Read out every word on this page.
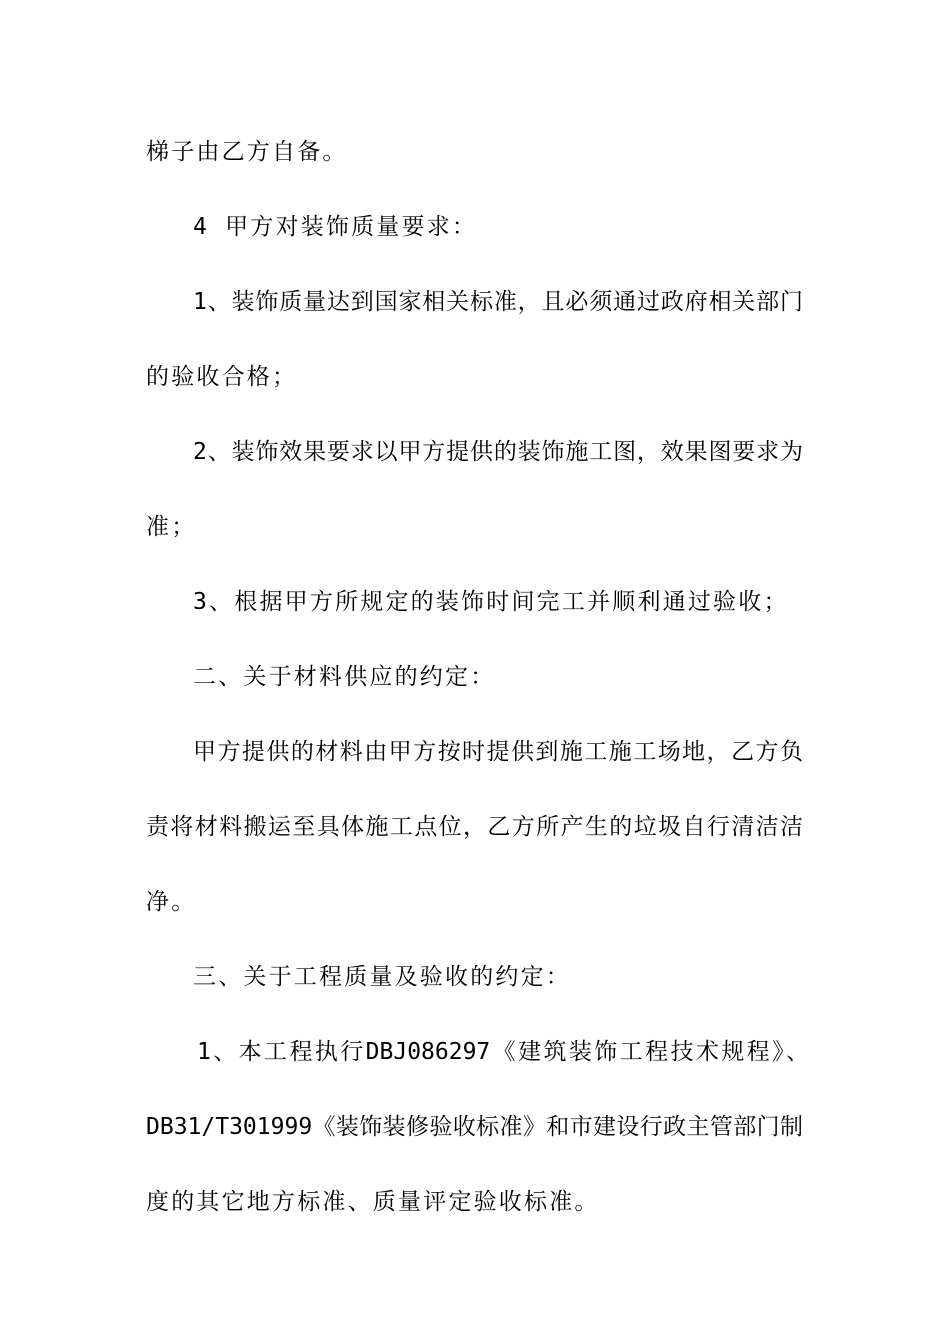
梯子由乙方自备。
4 甲方对装饰质量要求：
1、装饰质量达到国家相关标准，且必须通过政府相关部门
的验收合格；
2、装饰效果要求以甲方提供的装饰施工图，效果图要求为
准；
3、根据甲方所规定的装饰时间完工并顺利通过验收；
二、关于材料供应的约定：
甲方提供的材料由甲方按时提供到施工施工场地，乙方负
责将材料搬运至具体施工点位，乙方所产生的垃圾自行清洁洁
净。
三、关于工程质量及验收的约定：
1、本工程执行DBJ086297《建筑装饰工程技术规程》、
DB31/T301999《装饰装修验收标准》和市建设行政主管部门制
度的其它地方标准、质量评定验收标准。
